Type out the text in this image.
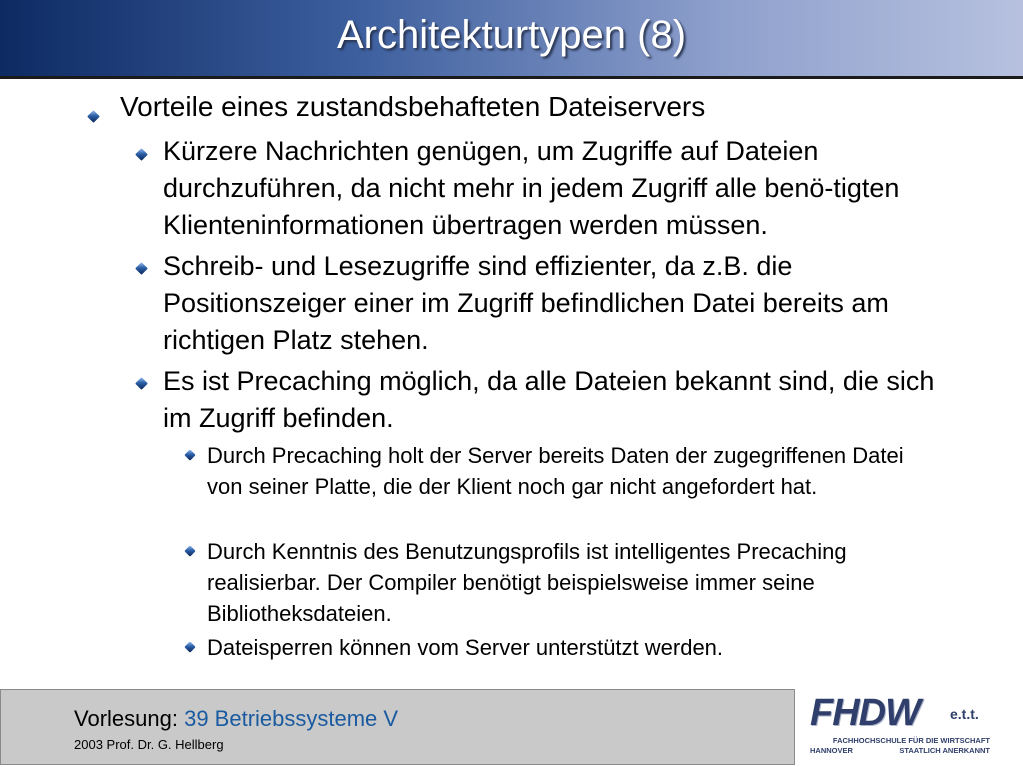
Architekturtypen (8)
Vorteile eines zustandsbehafteten Dateiservers
Kürzere Nachrichten genügen, um Zugriffe auf Dateien durchzuführen, da nicht mehr in jedem Zugriff alle benö-tigten Klienteninformationen übertragen werden müssen.
Schreib- und Lesezugriffe sind effizienter, da z.B. die Positionszeiger einer im Zugriff befindlichen Datei bereits am richtigen Platz stehen.
Es ist Precaching möglich, da alle Dateien bekannt sind, die sich im Zugriff befinden.
Durch Precaching holt der Server bereits Daten der zugegriffenen Datei von seiner Platte, die der Klient noch gar nicht angefordert hat.
Durch Kenntnis des Benutzungsprofils ist intelligentes Precaching realisierbar. Der Compiler benötigt beispielsweise immer seine Bibliotheksdateien.
Dateisperren können vom Server unterstützt werden.
Vorlesung: 39 Betriebssysteme V
2003 Prof. Dr. G. Hellberg
FHDW e.t.t.
FACHHOCHSCHULE FÜR DIE WIRTSCHAFT
HANNOVER	STAATLICH ANERKANNT
